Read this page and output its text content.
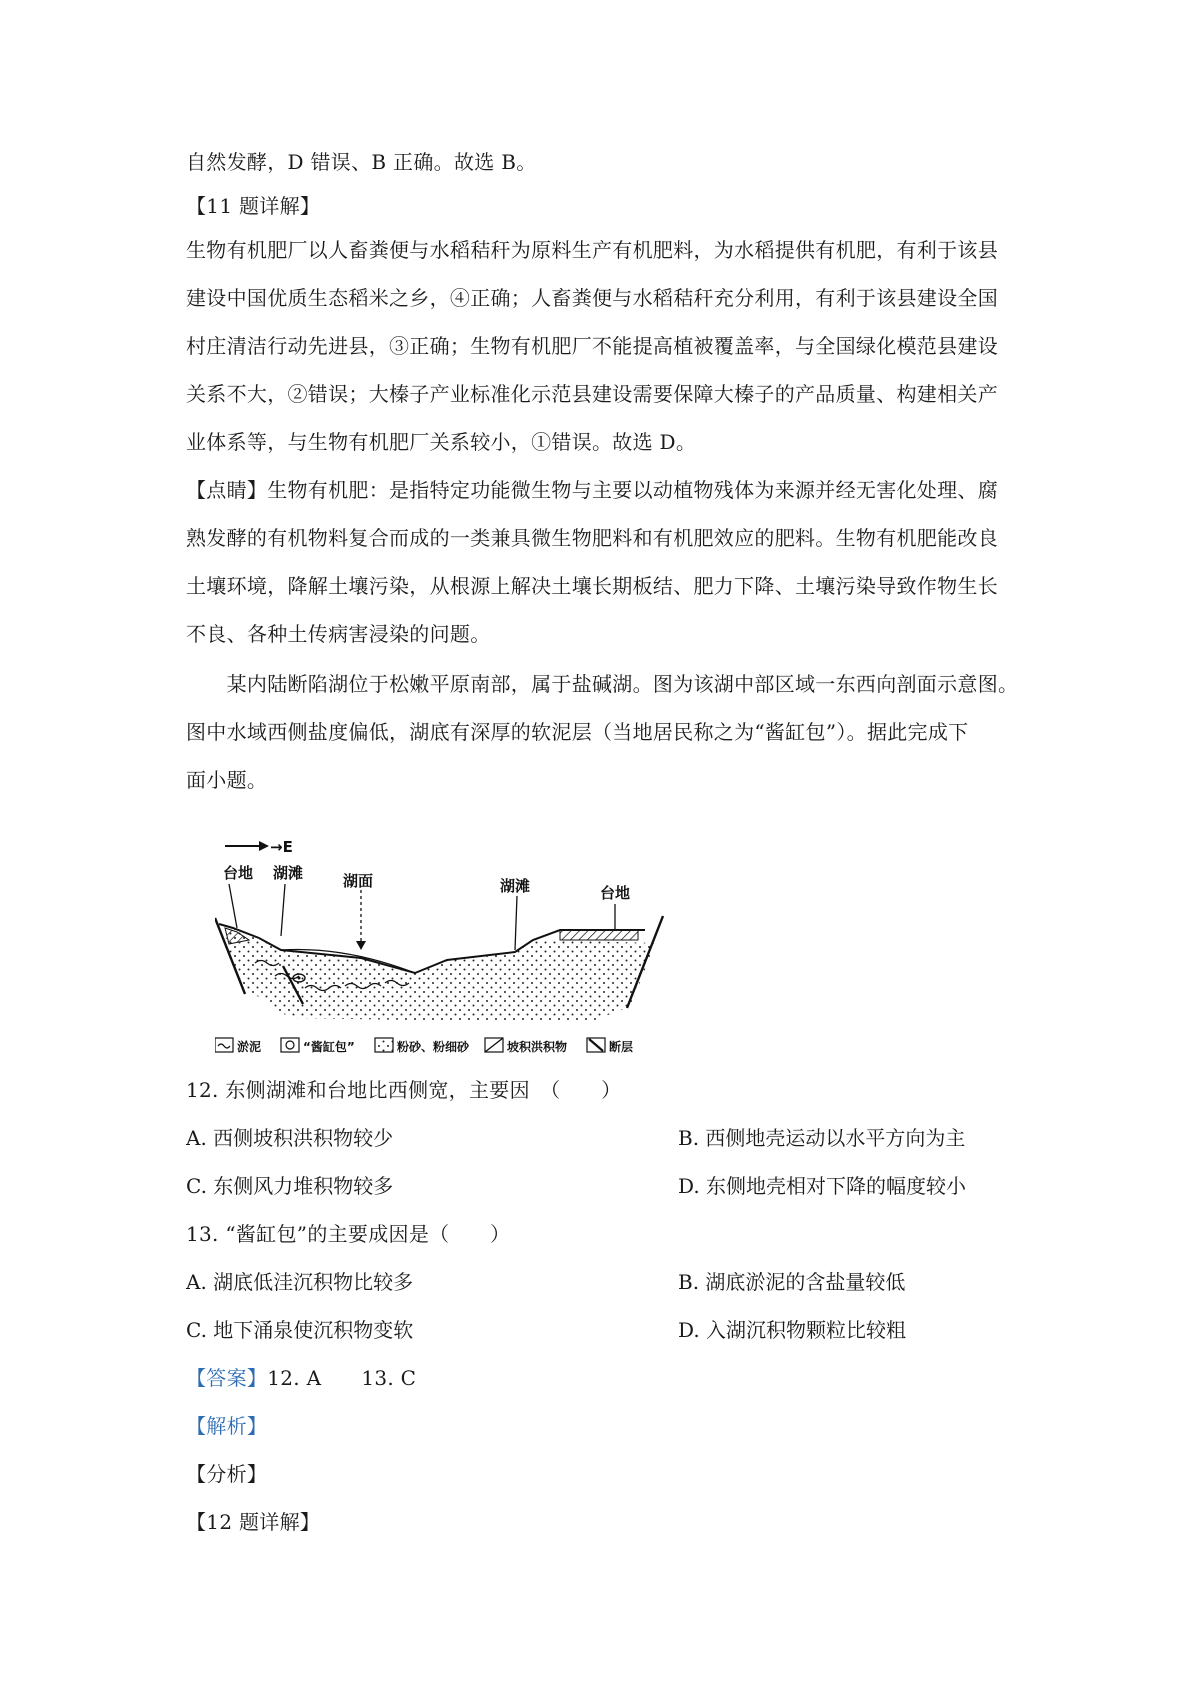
自然发酵，D 错误、B 正确。故选 B。
【11 题详解】
生物有机肥厂以人畜粪便与水稻秸秆为原料生产有机肥料，为水稻提供有机肥，有利于该县
建设中国优质生态稻米之乡，④正确；人畜粪便与水稻秸秆充分利用，有利于该县建设全国
村庄清洁行动先进县，③正确；生物有机肥厂不能提高植被覆盖率，与全国绿化模范县建设
关系不大，②错误；大榛子产业标准化示范县建设需要保障大榛子的产品质量、构建相关产
业体系等，与生物有机肥厂关系较小，①错误。故选 D。
【点睛】生物有机肥：是指特定功能微生物与主要以动植物残体为来源并经无害化处理、腐
熟发酵的有机物料复合而成的一类兼具微生物肥料和有机肥效应的肥料。生物有机肥能改良
土壤环境，降解土壤污染，从根源上解决土壤长期板结、肥力下降、土壤污染导致作物生长
不良、各种土传病害浸染的问题。
　　某内陆断陷湖位于松嫩平原南部，属于盐碱湖。图为该湖中部区域一东西向剖面示意图。
图中水域西侧盐度偏低，湖底有深厚的软泥层（当地居民称之为“酱缸包”）。据此完成下
面小题。
→E
台地 湖滩	湖面	湖滩	台地
淤泥	“酱缸包”	粉砂、粉细砂	坡积洪积物	断层
12. 东侧湖滩和台地比西侧宽，主要因　（　　）
A. 西侧坡积洪积物较少	B. 西侧地壳运动以水平方向为主
C. 东侧风力堆积物较多	D. 东侧地壳相对下降的幅度较小
13. “酱缸包”的主要成因是（　　）
A. 湖底低洼沉积物比较多	B. 湖底淤泥的含盐量较低
C. 地下涌泉使沉积物变软	D. 入湖沉积物颗粒比较粗
【答案】12. A 13. C
【解析】
【分析】
【12 题详解】
